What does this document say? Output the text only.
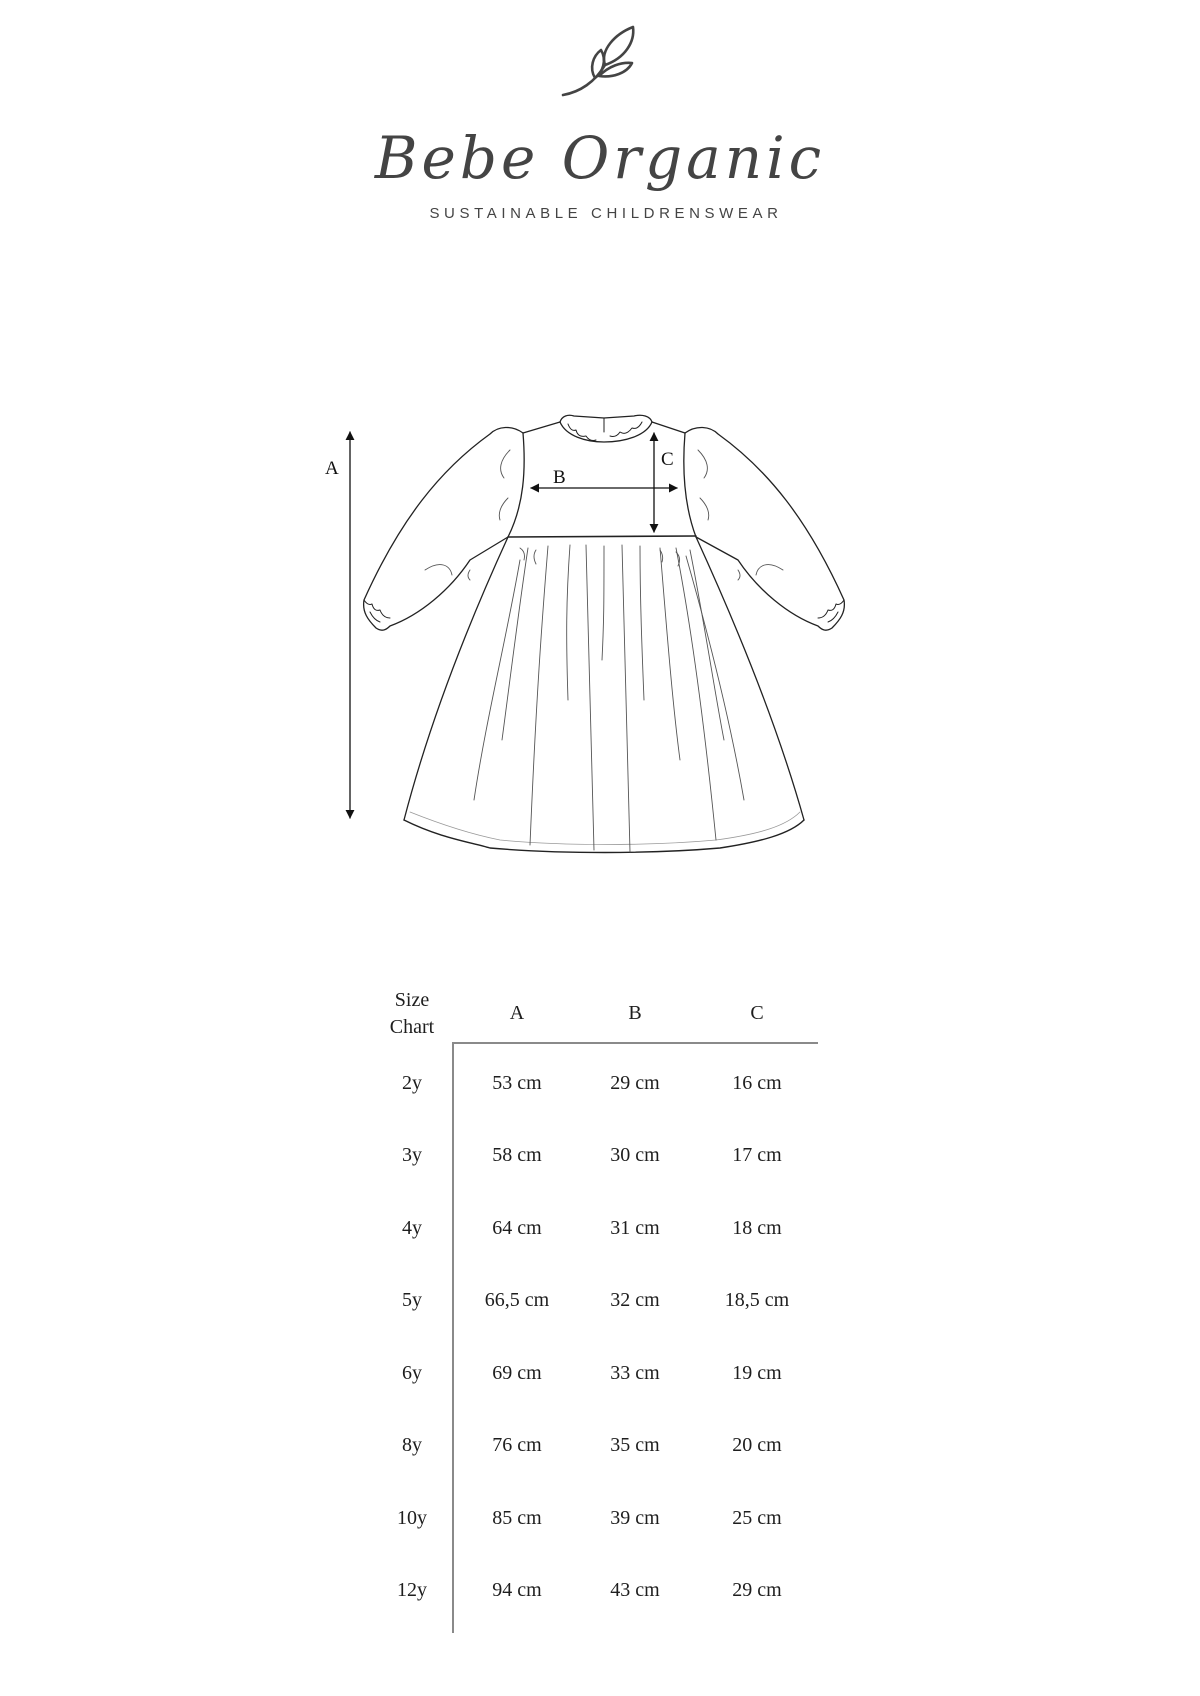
Bebe Organic
SUSTAINABLE CHILDRENSWEAR
A	B
C
Size
Chart
A	B	C
2y	53 cm	29 cm	16 cm
3y	58 cm	30 cm	17 cm
4y	64 cm	31 cm	18 cm
5y	66,5 cm	32 cm	18,5 cm
6y	69 cm	33 cm	19 cm
8y	76 cm	35 cm	20 cm
10y	85 cm	39 cm	25 cm
12y	94 cm	43 cm	29 cm
